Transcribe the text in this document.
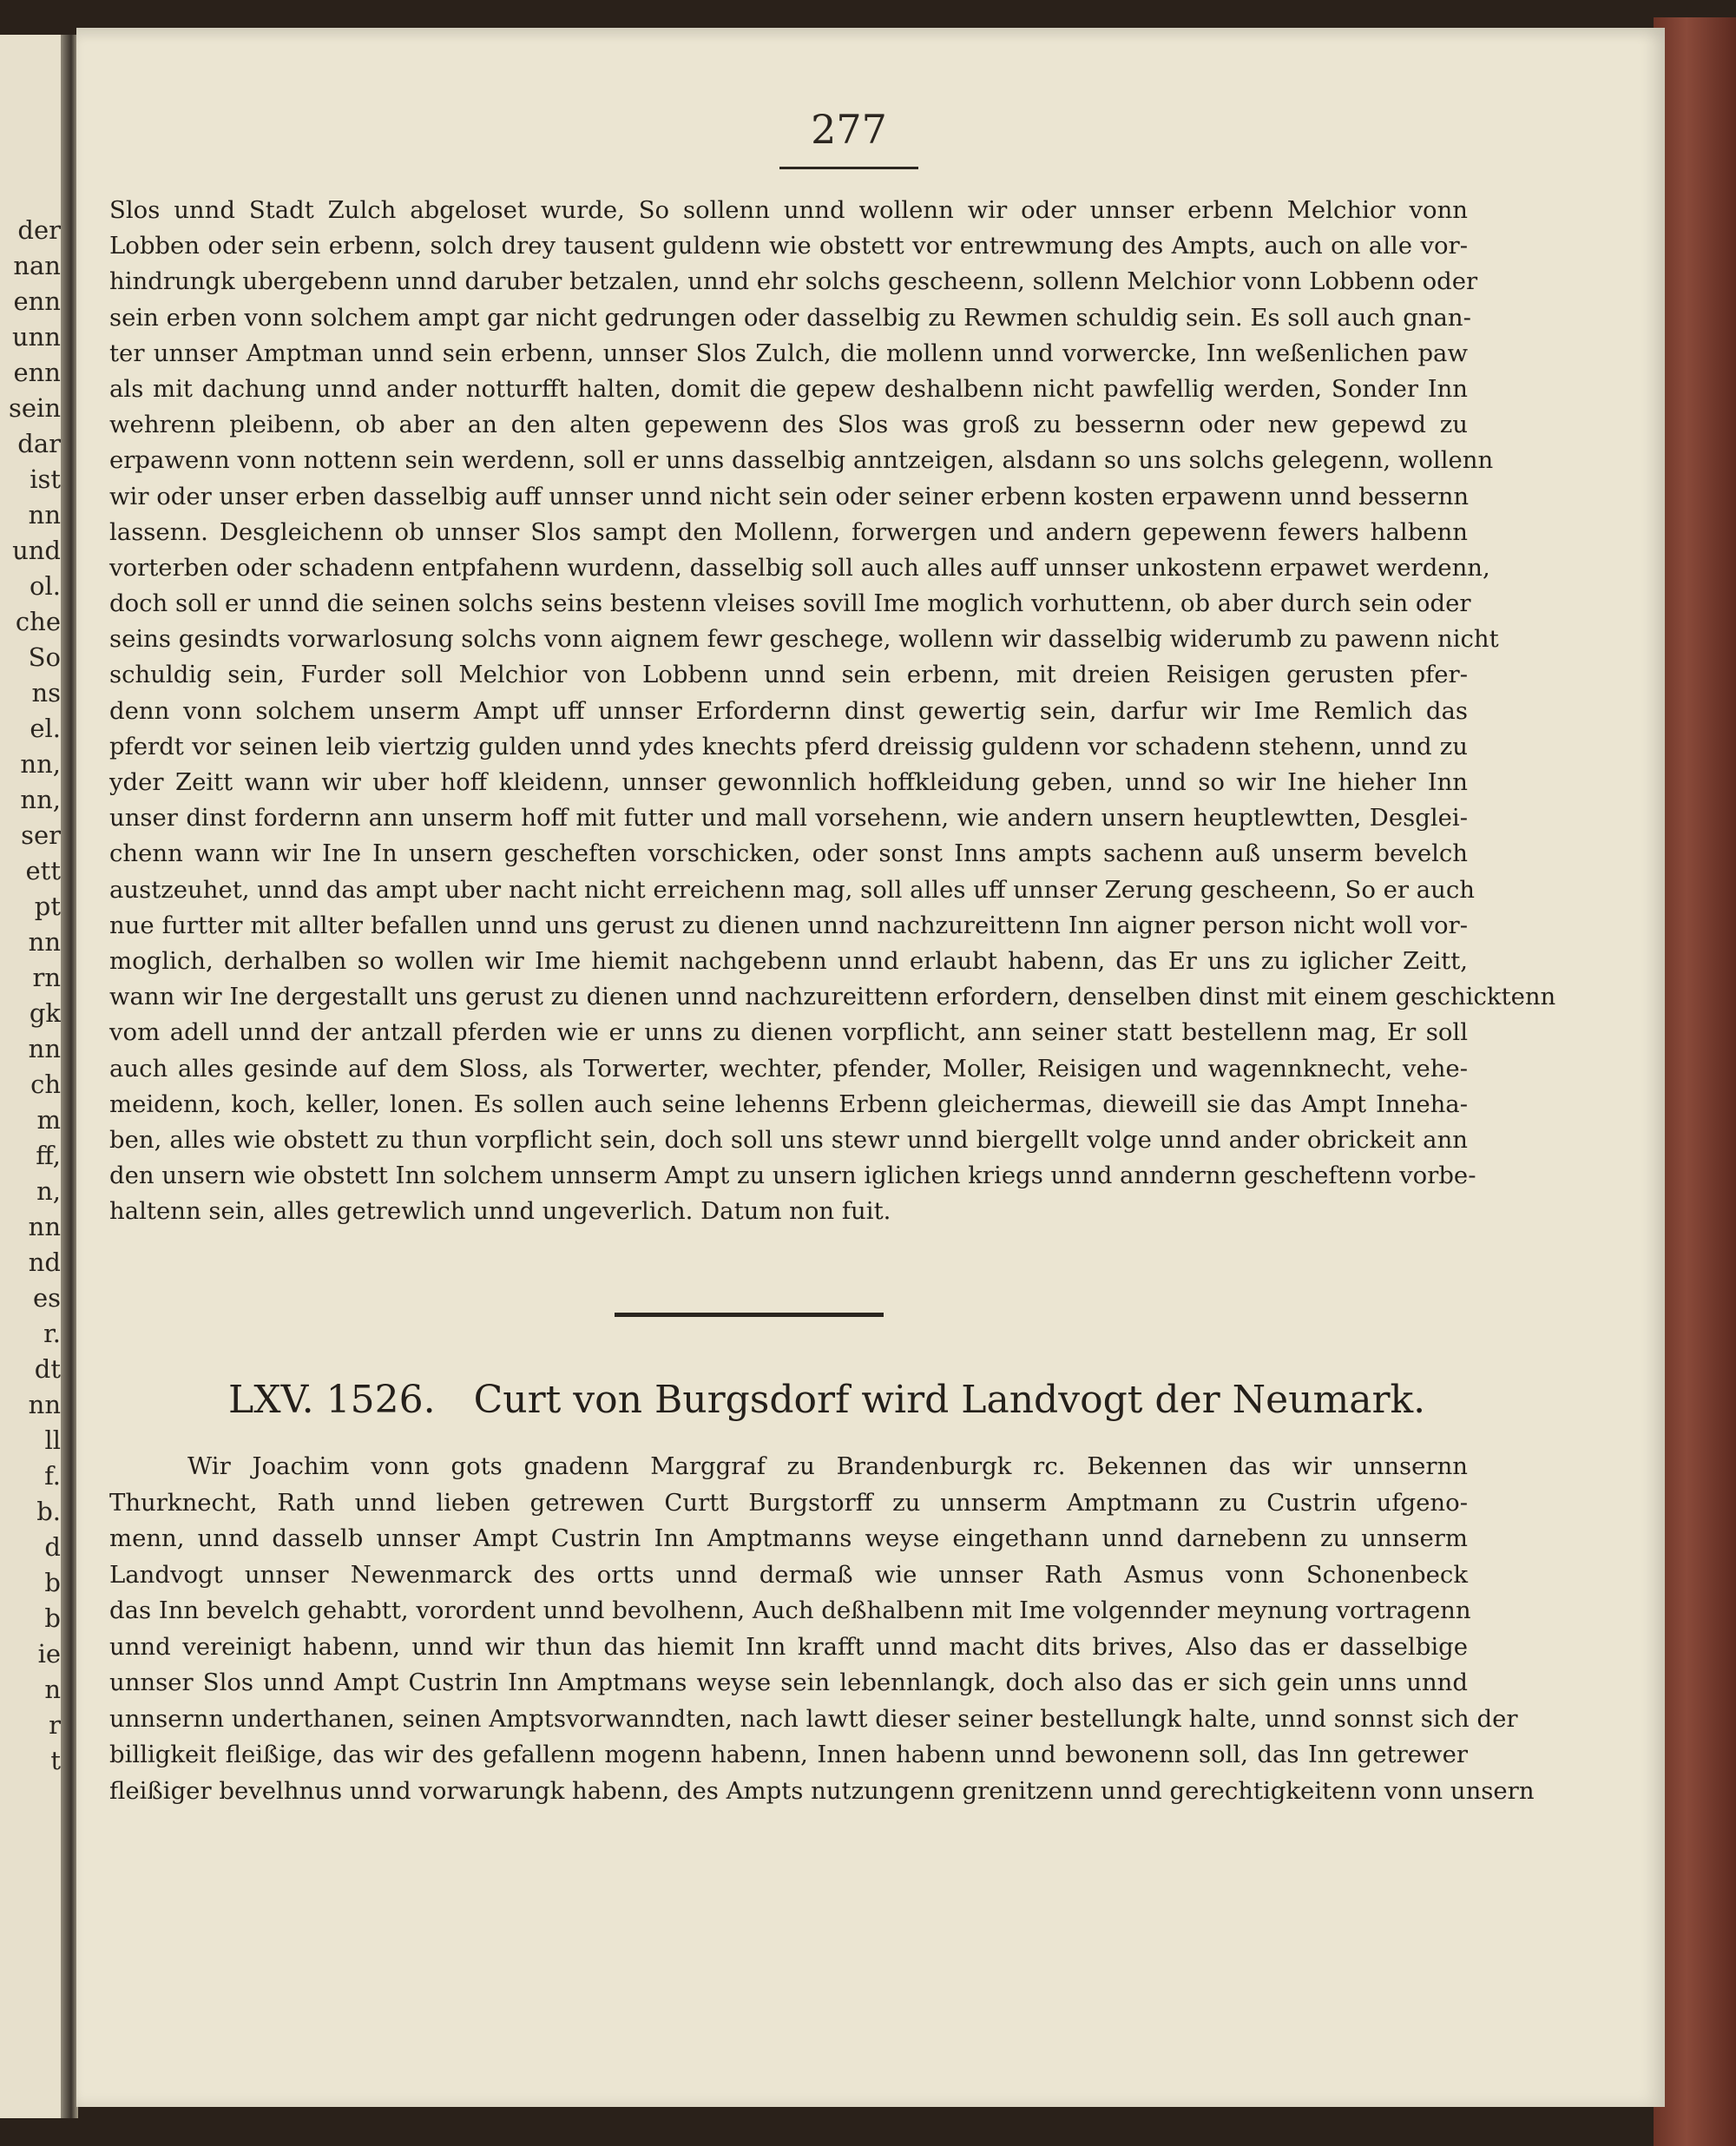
der
nan
enn
unn
enn
sein
dar
ist
nn
und
ol.
che
So
ns
el.
nn,
nn,
ser
ett
pt
nn
rn
gk
nn
ch
m
ff,
n,
nn
nd
es
r.
dt
nn
ll
f.
b.
d
b
b
ie
n
r
t
277
Slos unnd Stadt Zulch abgeloset wurde, So sollenn unnd wollenn wir oder unnser erbenn Melchior vonn
Lobben oder sein erbenn, solch drey tausent guldenn wie obstett vor entrewmung des Ampts, auch on alle vor-
hindrungk ubergebenn unnd daruber betzalen, unnd ehr solchs gescheenn, sollenn Melchior vonn Lobbenn oder
sein erben vonn solchem ampt gar nicht gedrungen oder dasselbig zu Rewmen schuldig sein. Es soll auch gnan-
ter unnser Amptman unnd sein erbenn, unnser Slos Zulch, die mollenn unnd vorwercke, Inn weßenlichen paw
als mit dachung unnd ander notturfft halten, domit die gepew deshalbenn nicht pawfellig werden, Sonder Inn
wehrenn pleibenn, ob aber an den alten gepewenn des Slos was groß zu bessernn oder new gepewd zu
erpawenn vonn nottenn sein werdenn, soll er unns dasselbig anntzeigen, alsdann so uns solchs gelegenn, wollenn
wir oder unser erben dasselbig auff unnser unnd nicht sein oder seiner erbenn kosten erpawenn unnd bessernn
lassenn. Desgleichenn ob unnser Slos sampt den Mollenn, forwergen und andern gepewenn fewers halbenn
vorterben oder schadenn entpfahenn wurdenn, dasselbig soll auch alles auff unnser unkostenn erpawet werdenn,
doch soll er unnd die seinen solchs seins bestenn vleises sovill Ime moglich vorhuttenn, ob aber durch sein oder
seins gesindts vorwarlosung solchs vonn aignem fewr geschege, wollenn wir dasselbig widerumb zu pawenn nicht
schuldig sein, Furder soll Melchior von Lobbenn unnd sein erbenn, mit dreien Reisigen gerusten pfer-
denn vonn solchem unserm Ampt uff unnser Erfordernn dinst gewertig sein, darfur wir Ime Remlich das
pferdt vor seinen leib viertzig gulden unnd ydes knechts pferd dreissig guldenn vor schadenn stehenn, unnd zu
yder Zeitt wann wir uber hoff kleidenn, unnser gewonnlich hoffkleidung geben, unnd so wir Ine hieher Inn
unser dinst fordernn ann unserm hoff mit futter und mall vorsehenn, wie andern unsern heuptlewtten, Desglei-
chenn wann wir Ine In unsern gescheften vorschicken, oder sonst Inns ampts sachenn auß unserm bevelch
austzeuhet, unnd das ampt uber nacht nicht erreichenn mag, soll alles uff unnser Zerung gescheenn, So er auch
nue furtter mit allter befallen unnd uns gerust zu dienen unnd nachzureittenn Inn aigner person nicht woll vor-
moglich, derhalben so wollen wir Ime hiemit nachgebenn unnd erlaubt habenn, das Er uns zu iglicher Zeitt,
wann wir Ine dergestallt uns gerust zu dienen unnd nachzureittenn erfordern, denselben dinst mit einem geschicktenn
vom adell unnd der antzall pferden wie er unns zu dienen vorpflicht, ann seiner statt bestellenn mag, Er soll
auch alles gesinde auf dem Sloss, als Torwerter, wechter, pfender, Moller, Reisigen und wagennknecht, vehe-
meidenn, koch, keller, lonen. Es sollen auch seine lehenns Erbenn gleichermas, dieweill sie das Ampt Inneha-
ben, alles wie obstett zu thun vorpflicht sein, doch soll uns stewr unnd biergellt volge unnd ander obrickeit ann
den unsern wie obstett Inn solchem unnserm Ampt zu unsern iglichen kriegs unnd anndernn gescheftenn vorbe-
haltenn sein, alles getrewlich unnd ungeverlich. Datum non fuit.
LXV. 1526. Curt von Burgsdorf wird Landvogt der Neumark.
Wir Joachim vonn gots gnadenn Marggraf zu Brandenburgk rc. Bekennen das wir unnsernn
Thurknecht, Rath unnd lieben getrewen Curtt Burgstorff zu unnserm Amptmann zu Custrin ufgeno-
menn, unnd dasselb unnser Ampt Custrin Inn Amptmanns weyse eingethann unnd darnebenn zu unnserm
Landvogt unnser Newenmarck des ortts unnd dermaß wie unnser Rath Asmus vonn Schonenbeck
das Inn bevelch gehabtt, vorordent unnd bevolhenn, Auch deßhalbenn mit Ime volgennder meynung vortragenn
unnd vereinigt habenn, unnd wir thun das hiemit Inn krafft unnd macht dits brives, Also das er dasselbige
unnser Slos unnd Ampt Custrin Inn Amptmans weyse sein lebennlangk, doch also das er sich gein unns unnd
unnsernn underthanen, seinen Amptsvorwanndten, nach lawtt dieser seiner bestellungk halte, unnd sonnst sich der
billigkeit fleißige, das wir des gefallenn mogenn habenn, Innen habenn unnd bewonenn soll, das Inn getrewer
fleißiger bevelhnus unnd vorwarungk habenn, des Ampts nutzungenn grenitzenn unnd gerechtigkeitenn vonn unsern
